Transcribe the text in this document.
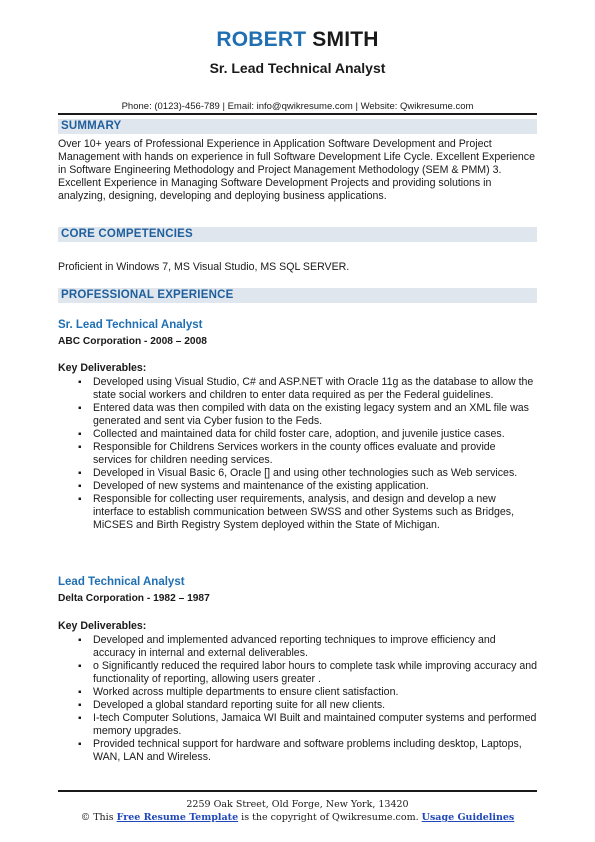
ROBERT SMITH
Sr. Lead Technical Analyst
Phone: (0123)-456-789 | Email: info@qwikresume.com | Website: Qwikresume.com
SUMMARY
Over 10+ years of Professional Experience in Application Software Development and Project Management with hands on experience in full Software Development Life Cycle. Excellent Experience in Software Engineering Methodology and Project Management Methodology (SEM & PMM) 3. Excellent Experience in Managing Software Development Projects and providing solutions in analyzing, designing, developing and deploying business applications.
CORE COMPETENCIES
Proficient in Windows 7, MS Visual Studio, MS SQL SERVER.
PROFESSIONAL EXPERIENCE
Sr. Lead Technical Analyst
ABC Corporation - 2008 – 2008
Key Deliverables:
▪ Developed using Visual Studio, C# and ASP.NET with Oracle 11g as the database to allow the state social workers and children to enter data required as per the Federal guidelines.
▪ Entered data was then compiled with data on the existing legacy system and an XML file was generated and sent via Cyber fusion to the Feds.
▪ Collected and maintained data for child foster care, adoption, and juvenile justice cases.
▪ Responsible for Childrens Services workers in the county offices evaluate and provide services for children needing services.
▪ Developed in Visual Basic 6, Oracle [] and using other technologies such as Web services.
▪ Developed of new systems and maintenance of the existing application.
▪ Responsible for collecting user requirements, analysis, and design and develop a new interface to establish communication between SWSS and other Systems such as Bridges, MiCSES and Birth Registry System deployed within the State of Michigan.
Lead Technical Analyst
Delta Corporation - 1982 – 1987
Key Deliverables:
▪ Developed and implemented advanced reporting techniques to improve efficiency and accuracy in internal and external deliverables.
▪ o Significantly reduced the required labor hours to complete task while improving accuracy and functionality of reporting, allowing users greater .
▪ Worked across multiple departments to ensure client satisfaction.
▪ Developed a global standard reporting suite for all new clients.
▪ I-tech Computer Solutions, Jamaica WI Built and maintained computer systems and performed memory upgrades.
▪ Provided technical support for hardware and software problems including desktop, Laptops, WAN, LAN and Wireless.
2259 Oak Street, Old Forge, New York, 13420
© This Free Resume Template is the copyright of Qwikresume.com. Usage Guidelines
